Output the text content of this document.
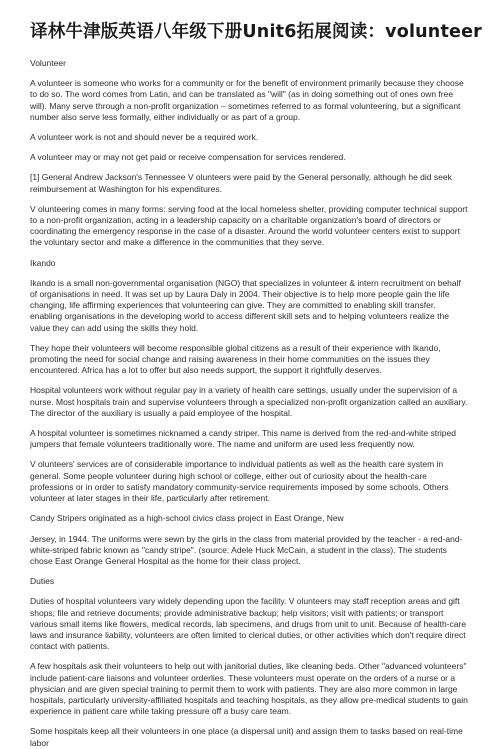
译林牛津版英语八年级下册Unit6拓展阅读：volunteer

Volunteer

A volunteer is someone who works for a community or for the benefit of environment primarily because they choose to do so. The word comes from Latin, and can be translated as "will" (as in doing something out of ones own free will). Many serve through a non-profit organization – sometimes referred to as formal volunteering, but a significant number also serve less formally, either individually or as part of a group.

A volunteer work is not and should never be a required work.

A volunteer may or may not get paid or receive compensation for services rendered.

[1] General Andrew Jackson's Tennessee V olunteers were paid by the General personally, although he did seek reimbursement at Washington for his expenditures.

V olunteering comes in many forms: serving food at the local homeless shelter, providing computer technical support to a non-profit organization, acting in a leadership capacity on a charitable organization's board of directors or coordinating the emergency response in the case of a disaster. Around the world volunteer centers exist to support the voluntary sector and make a difference in the communities that they serve.

Ikando

Ikando is a small non-governmental organisation (NGO) that specializes in volunteer & intern recruitment on behalf of organisations in need. It was set up by Laura Daly in 2004. Their objective is to help more people gain the life changing, life affirming experiences that volunteering can give. They are committed to enabling skill transfer. enabling organisations in the developing world to access different skill sets and to helping volunteers realize the value they can add using the skills they hold.

They hope their volunteers will become responsible global citizens as a result of their experience with Ikando, promoting the need for social change and raising awareness in their home communities on the issues they encountered. Africa has a lot to offer but also needs support, the support it rightfully deserves.

Hospital volunteers work without regular pay in a variety of health care settings, usually under the supervision of a nurse. Most hospitals train and supervise volunteers through a specialized non-profit organization called an auxiliary. The director of the auxiliary is usually a paid employee of the hospital.

A hospital volunteer is sometimes nicknamed a candy striper. This name is derived from the red-and-white striped jumpers that female volunteers traditionally wore. The name and uniform are used less frequently now.

V olunteers' services are of considerable importance to individual patients as well as the health care system in general. Some people volunteer during high school or college, either out of curiosity about the health-care professions or in order to satisfy mandatory community-service requirements imposed by some schools. Others volunteer at later stages in their life, particularly after retirement.

Candy Stripers originated as a high-school civics class project in East Orange, New

Jersey, in 1944. The uniforms were sewn by the girls in the class from material provided by the teacher - a red-and-white-striped fabric known as "candy stripe". (source: Adele Huck McCain, a student in the class). The students chose East Orange General Hospital as the home for their class project.

Duties

Duties of hospital volunteers vary widely depending upon the facility. V olunteers may staff reception areas and gift shops; file and retrieve documents; provide administrative backup; help visitors; visit with patients; or transport various small items like flowers, medical records, lab specimens, and drugs from unit to unit. Because of health-care laws and insurance liability, volunteers are often limited to clerical duties, or other activities which don't require direct contact with patients.

A few hospitals ask their volunteers to help out with janitorial duties, like cleaning beds. Other "advanced volunteers" include patient-care liaisons and volunteer orderlies. These volunteers must operate on the orders of a nurse or a physician and are given special training to permit them to work with patients. They are also more common in large hospitals, particularly university-affiliated hospitals and teaching hospitals, as they allow pre-medical students to gain experience in patient care while taking pressure off a busy care team.

Some hospitals keep all their volunteers in one place (a dispersal unit) and assign them to tasks based on real-time labor
